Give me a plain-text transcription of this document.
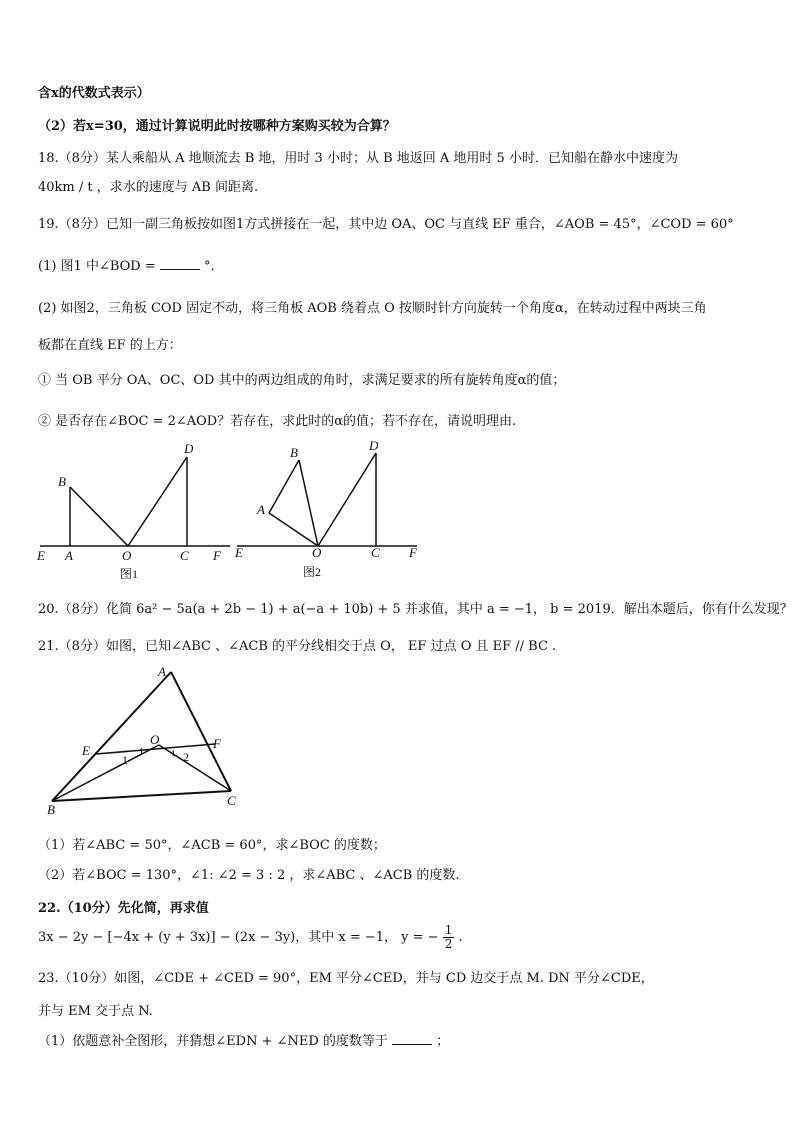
含x的代数式表示）
（2）若x=30，通过计算说明此时按哪种方案购买较为合算？
18.（8分）某人乘船从 A 地顺流去 B 地，用时 3 小时；从 B 地返回 A 地用时 5 小时．已知船在静水中速度为
40km / t ，求水的速度与 AB 间距离.
19.（8分）已知一副三角板按如图1方式拼接在一起，其中边 OA、OC 与直线 EF 重合，∠AOB = 45°，∠COD = 60°
(1) 图1 中∠BOD =	°.
(2) 如图2，三角板 COD 固定不动，将三角板 AOB 绕着点 O 按顺时针方向旋转一个角度α，在转动过程中两块三角
板都在直线 EF 的上方：
① 当 OB 平分 OA、OC、OD 其中的两边组成的角时，求满足要求的所有旋转角度α的值；
② 是否存在∠BOC = 2∠AOD？若存在，求此时的α的值；若不存在，请说明理由.
B
D
E A	O	C F
图1
B	D
A
E	O	C F
图2
20.（8分）化简 6a² − 5a(a + 2b − 1) + a(−a + 10b) + 5 并求值，其中 a = −1， b = 2019．解出本题后，你有什么发现？
21.（8分）如图，已知∠ABC 、∠ACB 的平分线相交于点 O， EF 过点 O 且 EF // BC .
A
E	F
O
1	2
B
C
（1）若∠ABC = 50°，∠ACB = 60°，求∠BOC 的度数；
（2）若∠BOC = 130°，∠1: ∠2 = 3 : 2 ，求∠ABC 、∠ACB 的度数.
22.（10分）先化简，再求值
3x − 2y − [−4x + (y + 3x)] − (2x − 3y)，其中 x = −1， y = − $\frac{1}{2}$ .
23.（10分）如图，∠CDE + ∠CED = 90°，EM 平分∠CED，并与 CD 边交于点 M. DN 平分∠CDE，
并与 EM 交于点 N.
（1）依题意补全图形，并猜想∠EDN + ∠NED 的度数等于	；
